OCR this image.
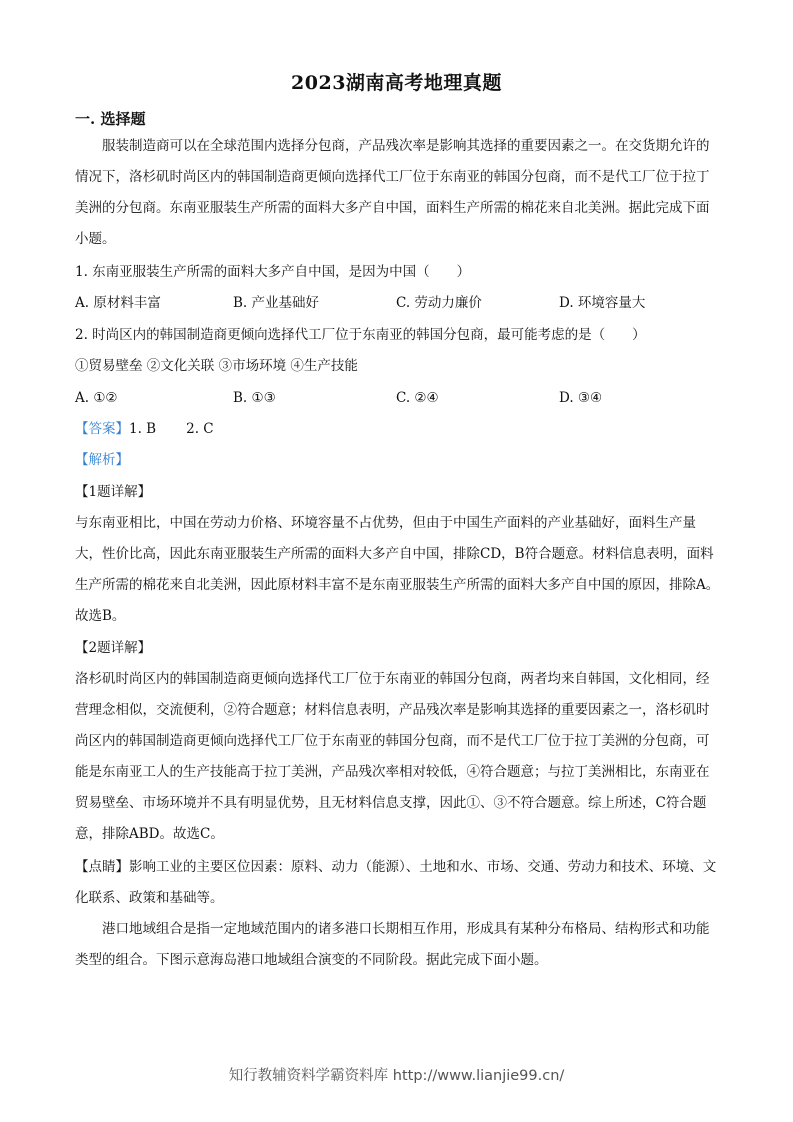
2023湖南高考地理真题
一. 选择题
服装制造商可以在全球范围内选择分包商，产品残次率是影响其选择的重要因素之一。在交货期允许的情况下，洛杉矶时尚区内的韩国制造商更倾向选择代工厂位于东南亚的韩国分包商，而不是代工厂位于拉丁美洲的分包商。东南亚服装生产所需的面料大多产自中国，面料生产所需的棉花来自北美洲。据此完成下面小题。
1. 东南亚服装生产所需的面料大多产自中国，是因为中国（　　）
A. 原材料丰富	B. 产业基础好	C. 劳动力廉价	D. 环境容量大
2. 时尚区内的韩国制造商更倾向选择代工厂位于东南亚的韩国分包商，最可能考虑的是（　　）
①贸易壁垒 ②文化关联 ③市场环境 ④生产技能
A. ①②	B. ①③	C. ②④	D. ③④
【答案】1. B       2. C
【解析】
【1题详解】
与东南亚相比，中国在劳动力价格、环境容量不占优势，但由于中国生产面料的产业基础好，面料生产量大，性价比高，因此东南亚服装生产所需的面料大多产自中国，排除CD，B符合题意。材料信息表明，面料生产所需的棉花来自北美洲，因此原材料丰富不是东南亚服装生产所需的面料大多产自中国的原因，排除A。故选B。
【2题详解】
洛杉矶时尚区内的韩国制造商更倾向选择代工厂位于东南亚的韩国分包商，两者均来自韩国，文化相同，经营理念相似，交流便利，②符合题意；材料信息表明，产品残次率是影响其选择的重要因素之一，洛杉矶时尚区内的韩国制造商更倾向选择代工厂位于东南亚的韩国分包商，而不是代工厂位于拉丁美洲的分包商，可能是东南亚工人的生产技能高于拉丁美洲，产品残次率相对较低，④符合题意；与拉丁美洲相比，东南亚在贸易壁垒、市场环境并不具有明显优势，且无材料信息支撑，因此①、③不符合题意。综上所述，C符合题意，排除ABD。故选C。
【点睛】影响工业的主要区位因素：原料、动力（能源）、土地和水、市场、交通、劳动力和技术、环境、文化联系、政策和基础等。
港口地域组合是指一定地域范围内的诸多港口长期相互作用，形成具有某种分布格局、结构形式和功能类型的组合。下图示意海岛港口地域组合演变的不同阶段。据此完成下面小题。
知行教辅资料学霸资料库 http://www.lianjie99.cn/
